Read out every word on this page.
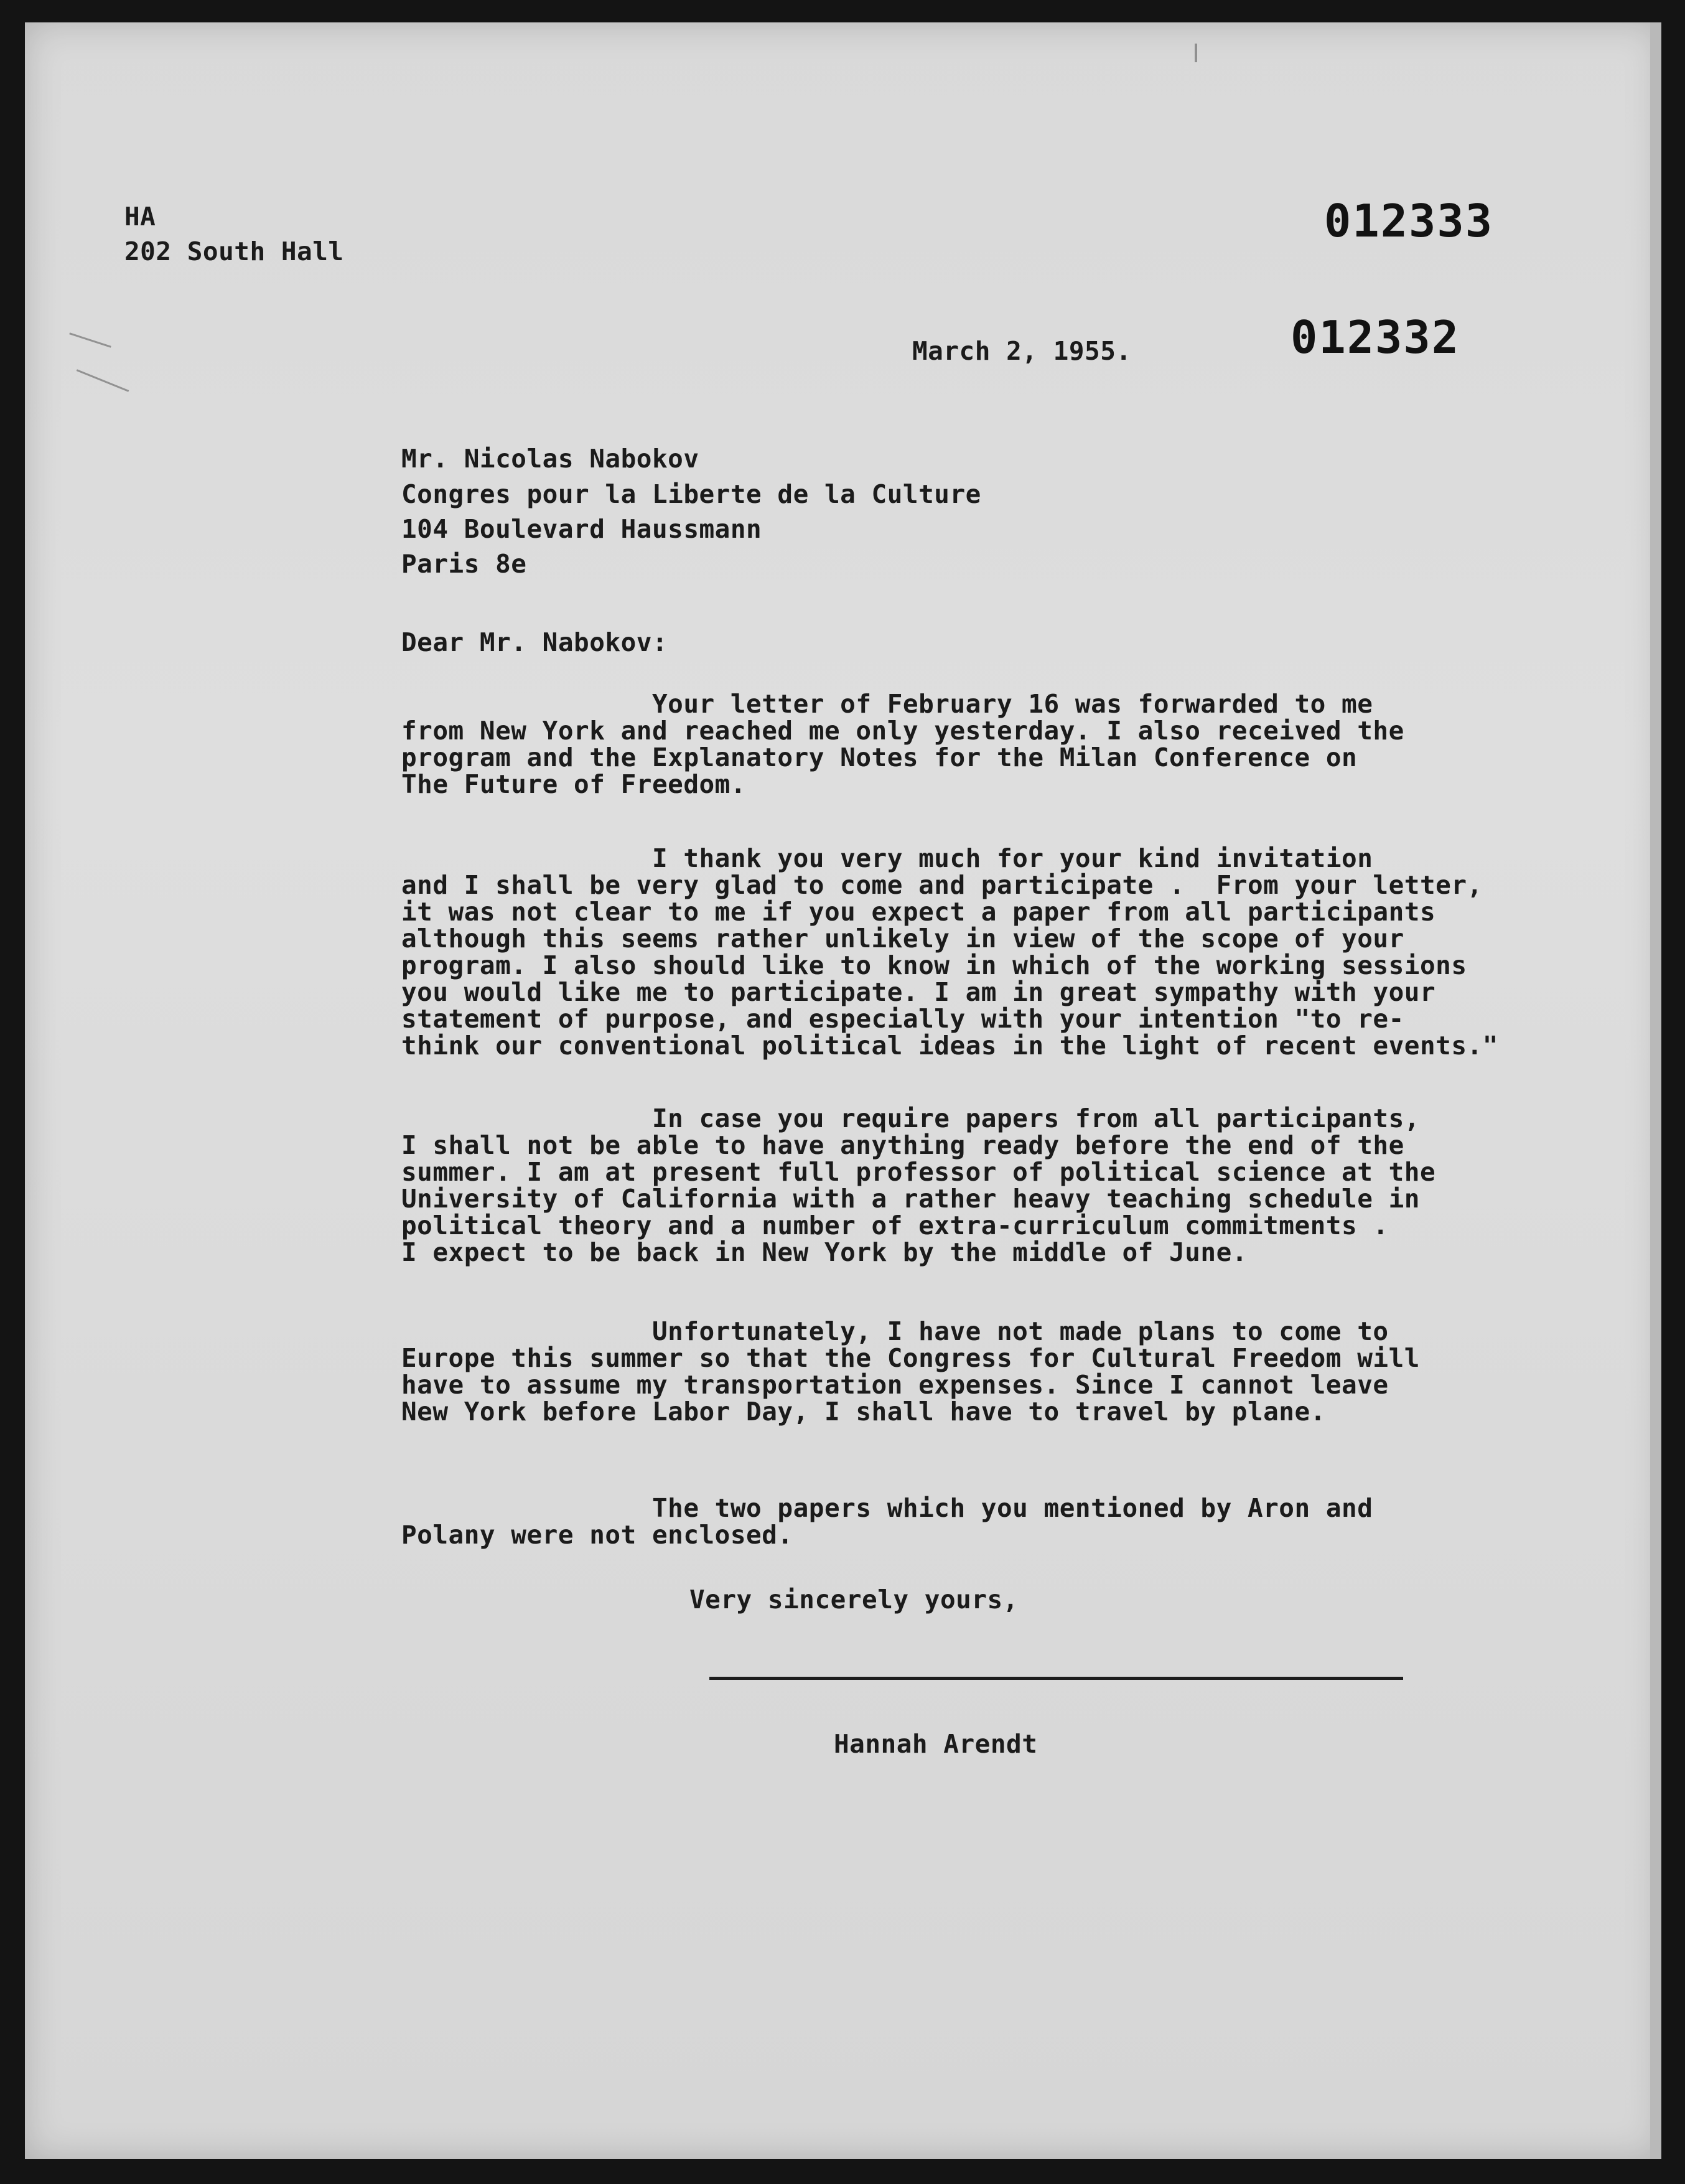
HA
202 South Hall
012333
012332
March 2, 1955.
Mr. Nicolas Nabokov
Congres pour la Liberte de la Culture
104 Boulevard Haussmann
Paris 8e
Dear Mr. Nabokov:
Your letter of February 16 was forwarded to me
from New York and reached me only yesterday. I also received the
program and the Explanatory Notes for the Milan Conference on
The Future of Freedom.
I thank you very much for your kind invitation
and I shall be very glad to come and participate .  From your letter,
it was not clear to me if you expect a paper from all participants
although this seems rather unlikely in view of the scope of your
program. I also should like to know in which of the working sessions
you would like me to participate. I am in great sympathy with your
statement of purpose, and especially with your intention "to re-
think our conventional political ideas in the light of recent events."
In case you require papers from all participants,
I shall not be able to have anything ready before the end of the
summer. I am at present full professor of political science at the
University of California with a rather heavy teaching schedule in
political theory and a number of extra-curriculum commitments .
I expect to be back in New York by the middle of June.
Unfortunately, I have not made plans to come to
Europe this summer so that the Congress for Cultural Freedom will
have to assume my transportation expenses. Since I cannot leave
New York before Labor Day, I shall have to travel by plane.
The two papers which you mentioned by Aron and
Polany were not enclosed.
Very sincerely yours,
Hannah Arendt
